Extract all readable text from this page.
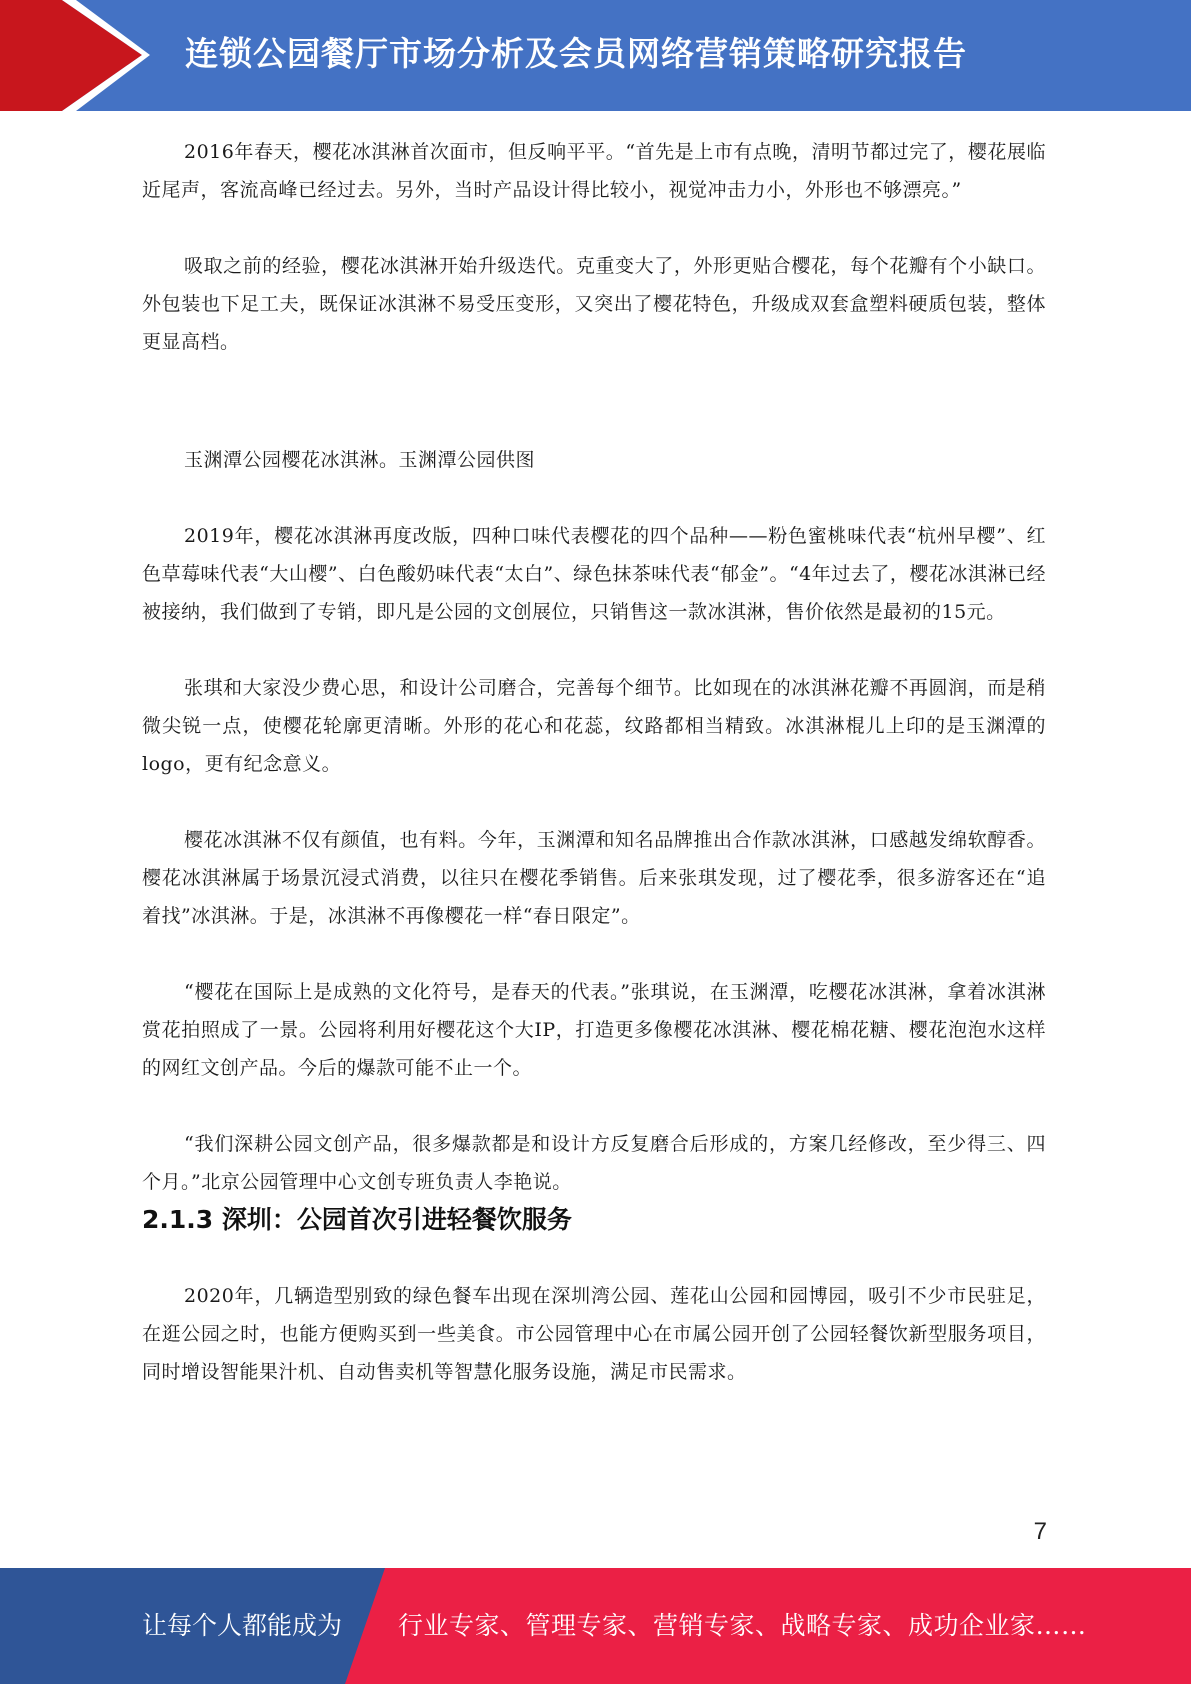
连锁公园餐厅市场分析及会员网络营销策略研究报告

2016年春天，樱花冰淇淋首次面市，但反响平平。“首先是上市有点晚，清明节都过完了，樱花展临近尾声，客流高峰已经过去。另外，当时产品设计得比较小，视觉冲击力小，外形也不够漂亮。”

吸取之前的经验，樱花冰淇淋开始升级迭代。克重变大了，外形更贴合樱花，每个花瓣有个小缺口。外包装也下足工夫，既保证冰淇淋不易受压变形，又突出了樱花特色，升级成双套盒塑料硬质包装，整体更显高档。

玉渊潭公园樱花冰淇淋。玉渊潭公园供图

2019年，樱花冰淇淋再度改版，四种口味代表樱花的四个品种——粉色蜜桃味代表“杭州早樱”、红色草莓味代表“大山樱”、白色酸奶味代表“太白”、绿色抹茶味代表“郁金”。“4年过去了，樱花冰淇淋已经被接纳，我们做到了专销，即凡是公园的文创展位，只销售这一款冰淇淋，售价依然是最初的15元。

张琪和大家没少费心思，和设计公司磨合，完善每个细节。比如现在的冰淇淋花瓣不再圆润，而是稍微尖锐一点，使樱花轮廓更清晰。外形的花心和花蕊，纹路都相当精致。冰淇淋棍儿上印的是玉渊潭的logo，更有纪念意义。

樱花冰淇淋不仅有颜值，也有料。今年，玉渊潭和知名品牌推出合作款冰淇淋，口感越发绵软醇香。樱花冰淇淋属于场景沉浸式消费，以往只在樱花季销售。后来张琪发现，过了樱花季，很多游客还在“追着找”冰淇淋。于是，冰淇淋不再像樱花一样“春日限定”。

“樱花在国际上是成熟的文化符号，是春天的代表。”张琪说，在玉渊潭，吃樱花冰淇淋，拿着冰淇淋赏花拍照成了一景。公园将利用好樱花这个大IP，打造更多像樱花冰淇淋、樱花棉花糖、樱花泡泡水这样的网红文创产品。今后的爆款可能不止一个。

“我们深耕公园文创产品，很多爆款都是和设计方反复磨合后形成的，方案几经修改，至少得三、四个月。”北京公园管理中心文创专班负责人李艳说。

2.1.3 深圳：公园首次引进轻餐饮服务

2020年，几辆造型别致的绿色餐车出现在深圳湾公园、莲花山公园和园博园，吸引不少市民驻足，在逛公园之时，也能方便购买到一些美食。市公园管理中心在市属公园开创了公园轻餐饮新型服务项目，同时增设智能果汁机、自动售卖机等智慧化服务设施，满足市民需求。

7
让每个人都能成为 行业专家、管理专家、营销专家、战略专家、成功企业家……
